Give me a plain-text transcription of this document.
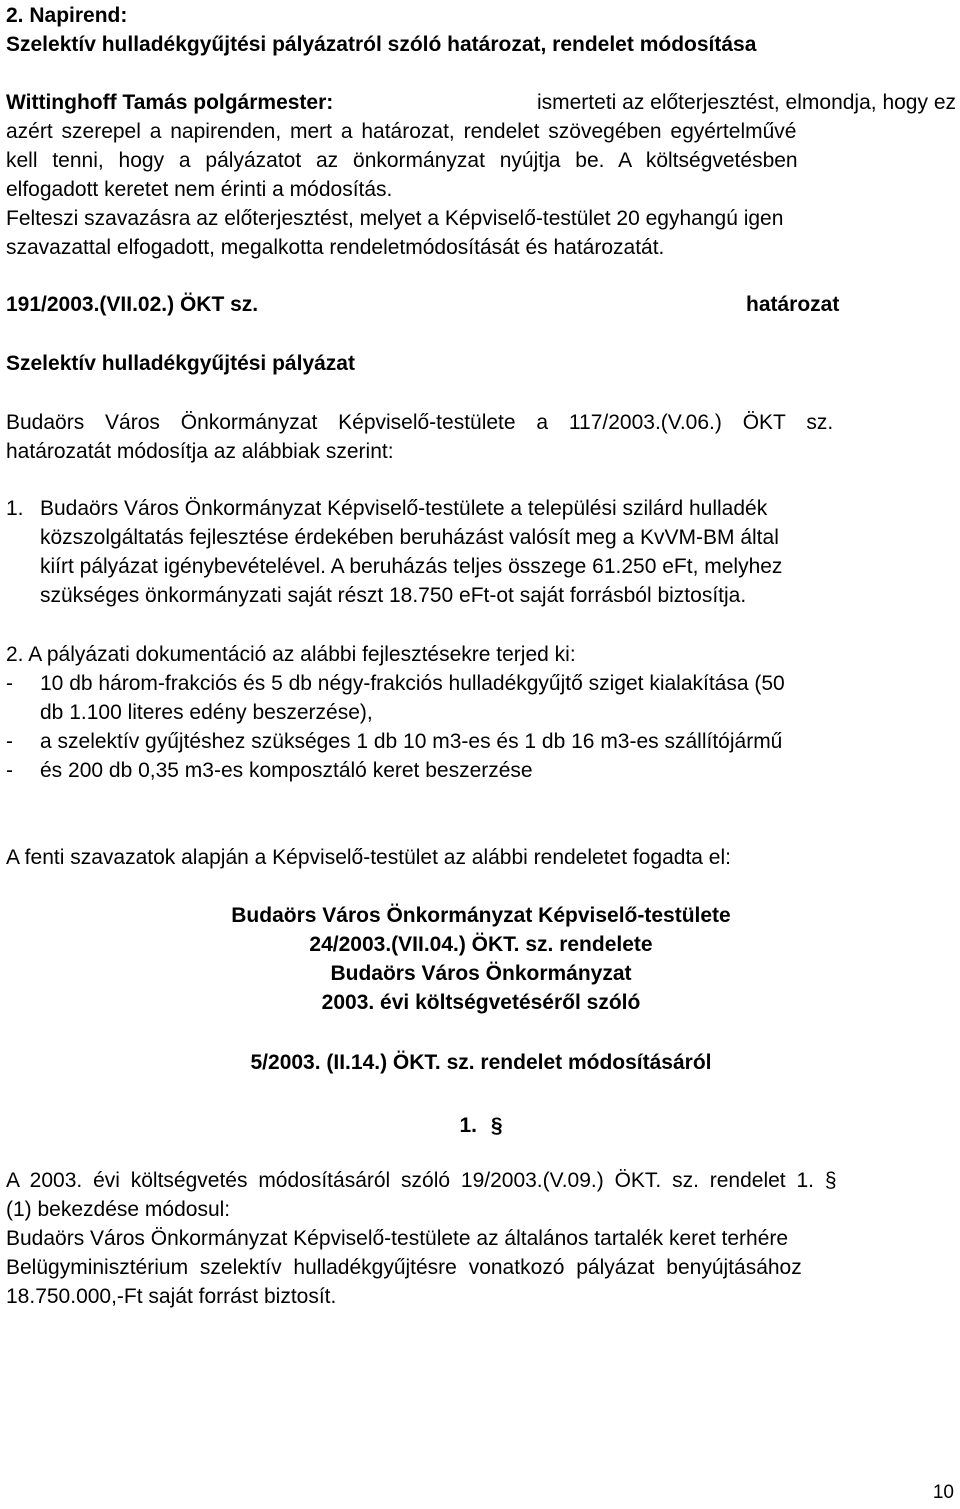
2. Napirend:
Szelektív hulladékgyűjtési pályázatról szóló határozat, rendelet módosítása
Wittinghoff Tamás polgármester:	ismerteti az előterjesztést, elmondja, hogy ez
azért szerepel a napirenden, mert a határozat, rendelet szövegében egyértelművé
kell tenni, hogy a pályázatot az önkormányzat nyújtja be. A költségvetésben
elfogadott keretet nem érinti a módosítás.
Felteszi szavazásra az előterjesztést, melyet a Képviselő-testület 20 egyhangú igen
szavazattal elfogadott, megalkotta rendeletmódosítását és határozatát.
191/2003.(VII.02.) ÖKT sz.	határozat
Szelektív hulladékgyűjtési pályázat
Budaörs Város Önkormányzat Képviselő-testülete a 117/2003.(V.06.) ÖKT sz.
határozatát módosítja az alábbiak szerint:
1. Budaörs Város Önkormányzat Képviselő-testülete a települési szilárd hulladék
közszolgáltatás fejlesztése érdekében beruházást valósít meg a KvVM-BM által
kiírt pályázat igénybevételével. A beruházás teljes összege 61.250 eFt, melyhez
szükséges önkormányzati saját részt 18.750 eFt-ot saját forrásból biztosítja.
2. A pályázati dokumentáció az alábbi fejlesztésekre terjed ki:
-	10 db három-frakciós és 5 db négy-frakciós hulladékgyűjtő sziget kialakítása (50
db 1.100 literes edény beszerzése),
-	a szelektív gyűjtéshez szükséges 1 db 10 m3-es és 1 db 16 m3-es szállítójármű
-	és 200 db 0,35 m3-es komposztáló keret beszerzése
A fenti szavazatok alapján a Képviselő-testület az alábbi rendeletet fogadta el:
Budaörs Város Önkormányzat Képviselő-testülete
24/2003.(VII.04.) ÖKT. sz. rendelete
Budaörs Város Önkormányzat
2003. évi költségvetéséről szóló
5/2003. (II.14.) ÖKT. sz. rendelet módosításáról
1. §
A 2003. évi költségvetés módosításáról szóló 19/2003.(V.09.) ÖKT. sz. rendelet 1. §
(1) bekezdése módosul:
Budaörs Város Önkormányzat Képviselő-testülete az általános tartalék keret terhére
Belügyminisztérium szelektív hulladékgyűjtésre vonatkozó pályázat benyújtásához
18.750.000,-Ft saját forrást biztosít.
10
